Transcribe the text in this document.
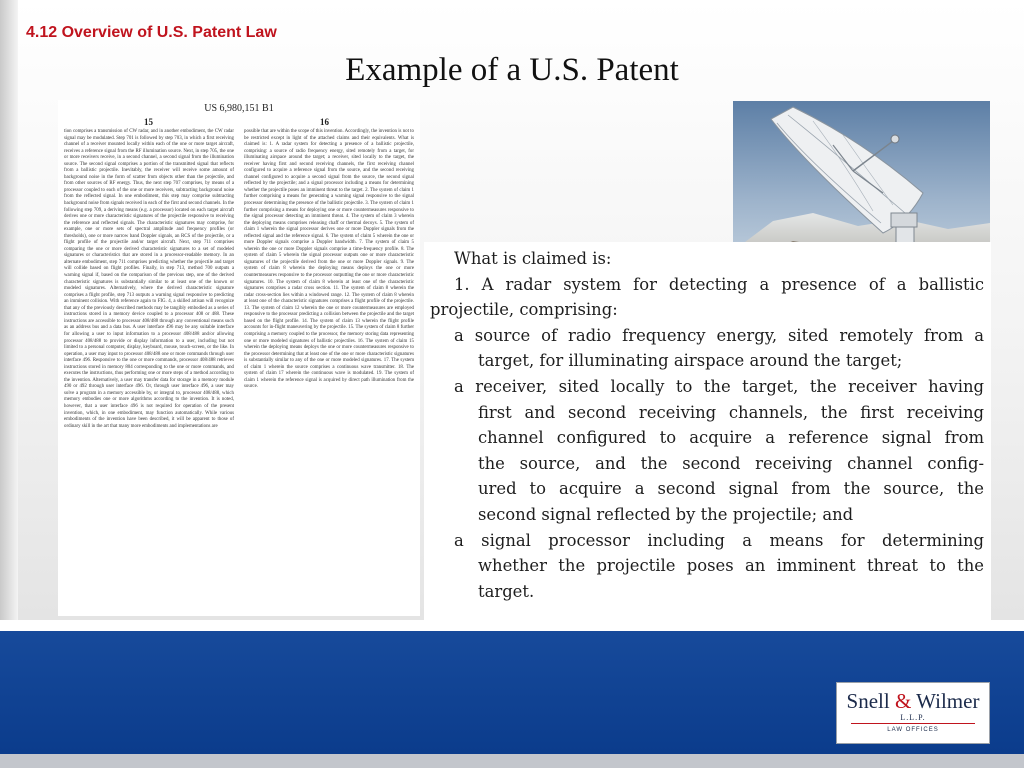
4.12 Overview of U.S. Patent Law
Example of a U.S. Patent
US 6,980,151 B1
15	16

tion comprises a transmission of CW radar, and in another embodiment, the CW radar signal may be modulated. Step 701 is followed by step 703, in which a first receiving channel of a receiver mounted locally within each of the one or more target aircraft, receives a reference signal from the RF illumination source. Next, in step 705, the one or more receivers receive, in a second channel, a second signal from the illumination source. The second signal comprises a portion of the transmitted signal that reflects from a ballistic projectile. Inevitably, the receiver will receive some amount of background noise in the form of scatter from objects other than the projectile, and from other sources of RF energy. Thus, the next step 707 comprises, by means of a processor coupled to each of the one or more receivers, subtracting background noise from the reflected signal. In one embodiment, this step may comprise subtracting background noise from signals received in each of the first and second channels. In the following step 709, a deriving means (e.g. a processor) located on each target aircraft derives one or more characteristic signatures of the projectile responsive to receiving the reference and reflected signals. The characteristic signatures may comprise, for example, one or more sets of spectral amplitude and frequency profiles (or thresholds), one or more narrow band Doppler signals, an RCS of the projectile, or a flight profile of the projectile and/or target aircraft. Next, step 711 comprises comparing the one or more derived characteristic signatures to a set of modeled signatures or characteristics that are stored in a processor-readable memory. In an alternate embodiment, step 711 comprises predicting whether the projectile and target will collide based on flight profiles. Finally, in step 713, method 700 outputs a warning signal if, based on the comparison of the previous step, one of the derived characteristic signatures is substantially similar to at least one of the known or modeled signatures. Alternatively, where the derived characteristic signature comprises a flight profile, step 713 outputs a warning signal responsive to predicting an imminent collision. With reference again to FIG. 4, a skilled artisan will recognize that any of the previously described methods may be tangibly embodied as a series of instructions stored in a memory device coupled to a processor 408 or 488. These instructions are accessible to processor 408/488 through any conventional means such as an address bus and a data bus. A user interface 496 may be any suitable interface for allowing a user to input information to a processor 408/488 and/or allowing processor 408/488 to provide or display information to a user, including but not limited to a personal computer, display, keyboard, mouse, touch-screen, or the like. In operation, a user may input to processor 408/488 one or more commands through user interface 496. Responsive to the one or more commands, processor 408/488 retrieves instructions stored in memory 804 corresponding to the one or more commands, and executes the instructions, thus performing one or more steps of a method according to the invention. Alternatively, a user may transfer data for storage in a memory module 490 or 492 through user interface 496. Or, through user interface 496, a user may solve a program in a memory accessible by, or integral to, processor 408/488, which memory embodies one or more algorithms according to the invention. It is noted, however, that a user interface 496 is not required for operation of the present invention, which, in one embodiment, may function automatically. While various embodiments of the invention have been described, it will be apparent to those of ordinary skill in the art that many more embodiments and implementations are

possible that are within the scope of this invention. Accordingly, the invention is not to be restricted except in light of the attached claims and their equivalents. What is claimed is: 1. A radar system for detecting a presence of a ballistic projectile, comprising: a source of radio frequency energy, sited remotely from a target, for illuminating airspace around the target; a receiver, sited locally to the target, the receiver having first and second receiving channels, the first receiving channel configured to acquire a reference signal from the source, and the second receiving channel configured to acquire a second signal from the source, the second signal reflected by the projectile; and a signal processor including a means for determining whether the projectile poses an imminent threat to the target. 2. The system of claim 1 further comprising a means for generating a warning signal responsive to the signal processor determining the presence of the ballistic projectile. 3. The system of claim 1 further comprising a means for deploying one or more countermeasures responsive to the signal processor detecting an imminent threat. 4. The system of claim 3 wherein the deploying means comprises releasing chaff or thermal decoys. 5. The system of claim 1 wherein the signal processor derives one or more Doppler signals from the reflected signal and the reference signal. 6. The system of claim 5 wherein the one or more Doppler signals comprise a Doppler bandwidth. 7. The system of claim 5 wherein the one or more Doppler signals comprise a time-frequency profile. 8. The system of claim 5 wherein the signal processor outputs one or more characteristic signatures of the projectile derived from the one or more Doppler signals. 9. The system of claim 8 wherein the deploying means deploys the one or more countermeasures responsive to the processor outputting the one or more characteristic signatures. 10. The system of claim 8 wherein at least one of the characteristic signatures comprises a radar cross section. 11. The system of claim 8 wherein the radar cross-section lies within a windowed range. 12. The system of claim 8 wherein at least one of the characteristic signatures comprises a flight profile of the projectile. 13. The system of claim 12 wherein the one or more countermeasures are employed responsive to the processor predicting a collision between the projectile and the target based on the flight profile. 14. The system of claim 13 wherein the flight profile accounts for in-flight maneuvering by the projectile. 15. The system of claim 8 further comprising a memory coupled to the processor, the memory storing data representing one or more modeled signatures of ballistic projectiles. 16. The system of claim 15 wherein the deploying means deploys the one or more countermeasures responsive to the processor determining that at least one of the one or more characteristic signatures is substantially similar to any of the one or more modeled signatures. 17. The system of claim 1 wherein the source comprises a continuous wave transmitter. 18. The system of claim 17 wherein the continuous wave is modulated. 19. The system of claim 1 wherein the reference signal is acquired by direct path illumination from the source.

What is claimed is:
1. A radar system for detecting a presence of a ballistic
projectile, comprising:
a source of radio frequency energy, sited remotely from a
target, for illuminating airspace around the target;
a receiver, sited locally to the target, the receiver having
first and second receiving channels, the first receiving
channel configured to acquire a reference signal from
the source, and the second receiving channel config-
ured to acquire a second signal from the source, the
second signal reflected by the projectile; and
a signal processor including a means for determining
whether the projectile poses an imminent threat to the
target.
Snell & Wilmer
L.L.P.
LAW OFFICES
